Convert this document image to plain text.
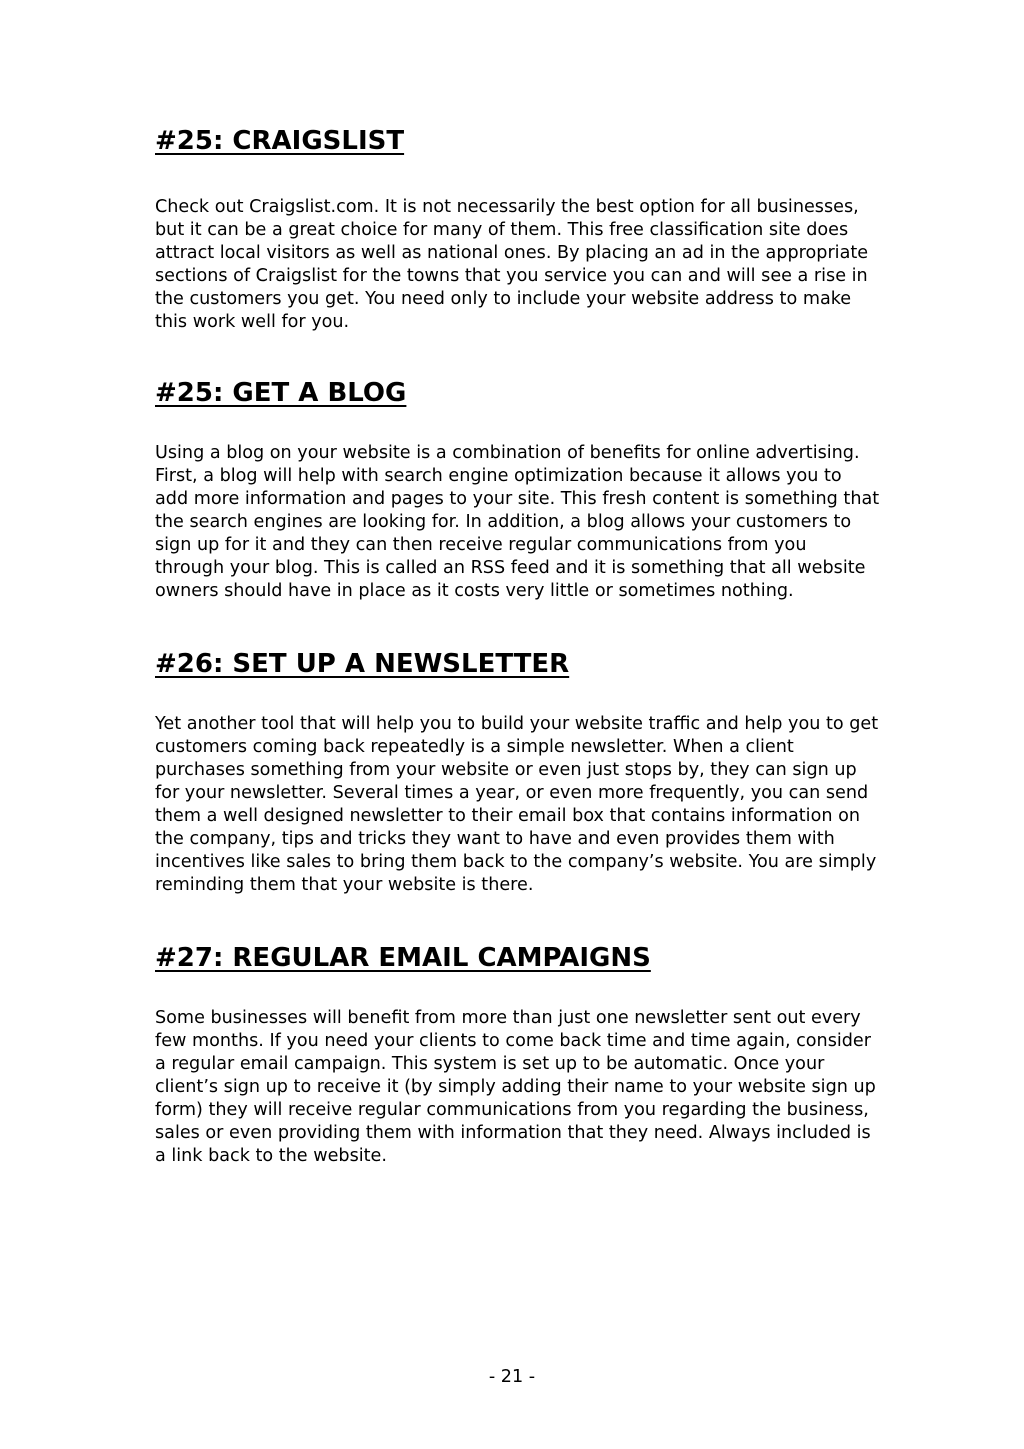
#25: CRAIGSLIST

Check out Craigslist.com. It is not necessarily the best option for all businesses, but it can be a great choice for many of them. This free classification site does attract local visitors as well as national ones. By placing an ad in the appropriate sections of Craigslist for the towns that you service you can and will see a rise in the customers you get. You need only to include your website address to make this work well for you.

#25: GET A BLOG

Using a blog on your website is a combination of benefits for online advertising. First, a blog will help with search engine optimization because it allows you to add more information and pages to your site. This fresh content is something that the search engines are looking for. In addition, a blog allows your customers to sign up for it and they can then receive regular communications from you through your blog. This is called an RSS feed and it is something that all website owners should have in place as it costs very little or sometimes nothing.

#26: SET UP A NEWSLETTER

Yet another tool that will help you to build your website traffic and help you to get customers coming back repeatedly is a simple newsletter. When a client purchases something from your website or even just stops by, they can sign up for your newsletter. Several times a year, or even more frequently, you can send them a well designed newsletter to their email box that contains information on the company, tips and tricks they want to have and even provides them with incentives like sales to bring them back to the company’s website. You are simply reminding them that your website is there.

#27: REGULAR EMAIL CAMPAIGNS

Some businesses will benefit from more than just one newsletter sent out every few months. If you need your clients to come back time and time again, consider a regular email campaign. This system is set up to be automatic. Once your client’s sign up to receive it (by simply adding their name to your website sign up form) they will receive regular communications from you regarding the business, sales or even providing them with information that they need. Always included is a link back to the website.

- 21 -
